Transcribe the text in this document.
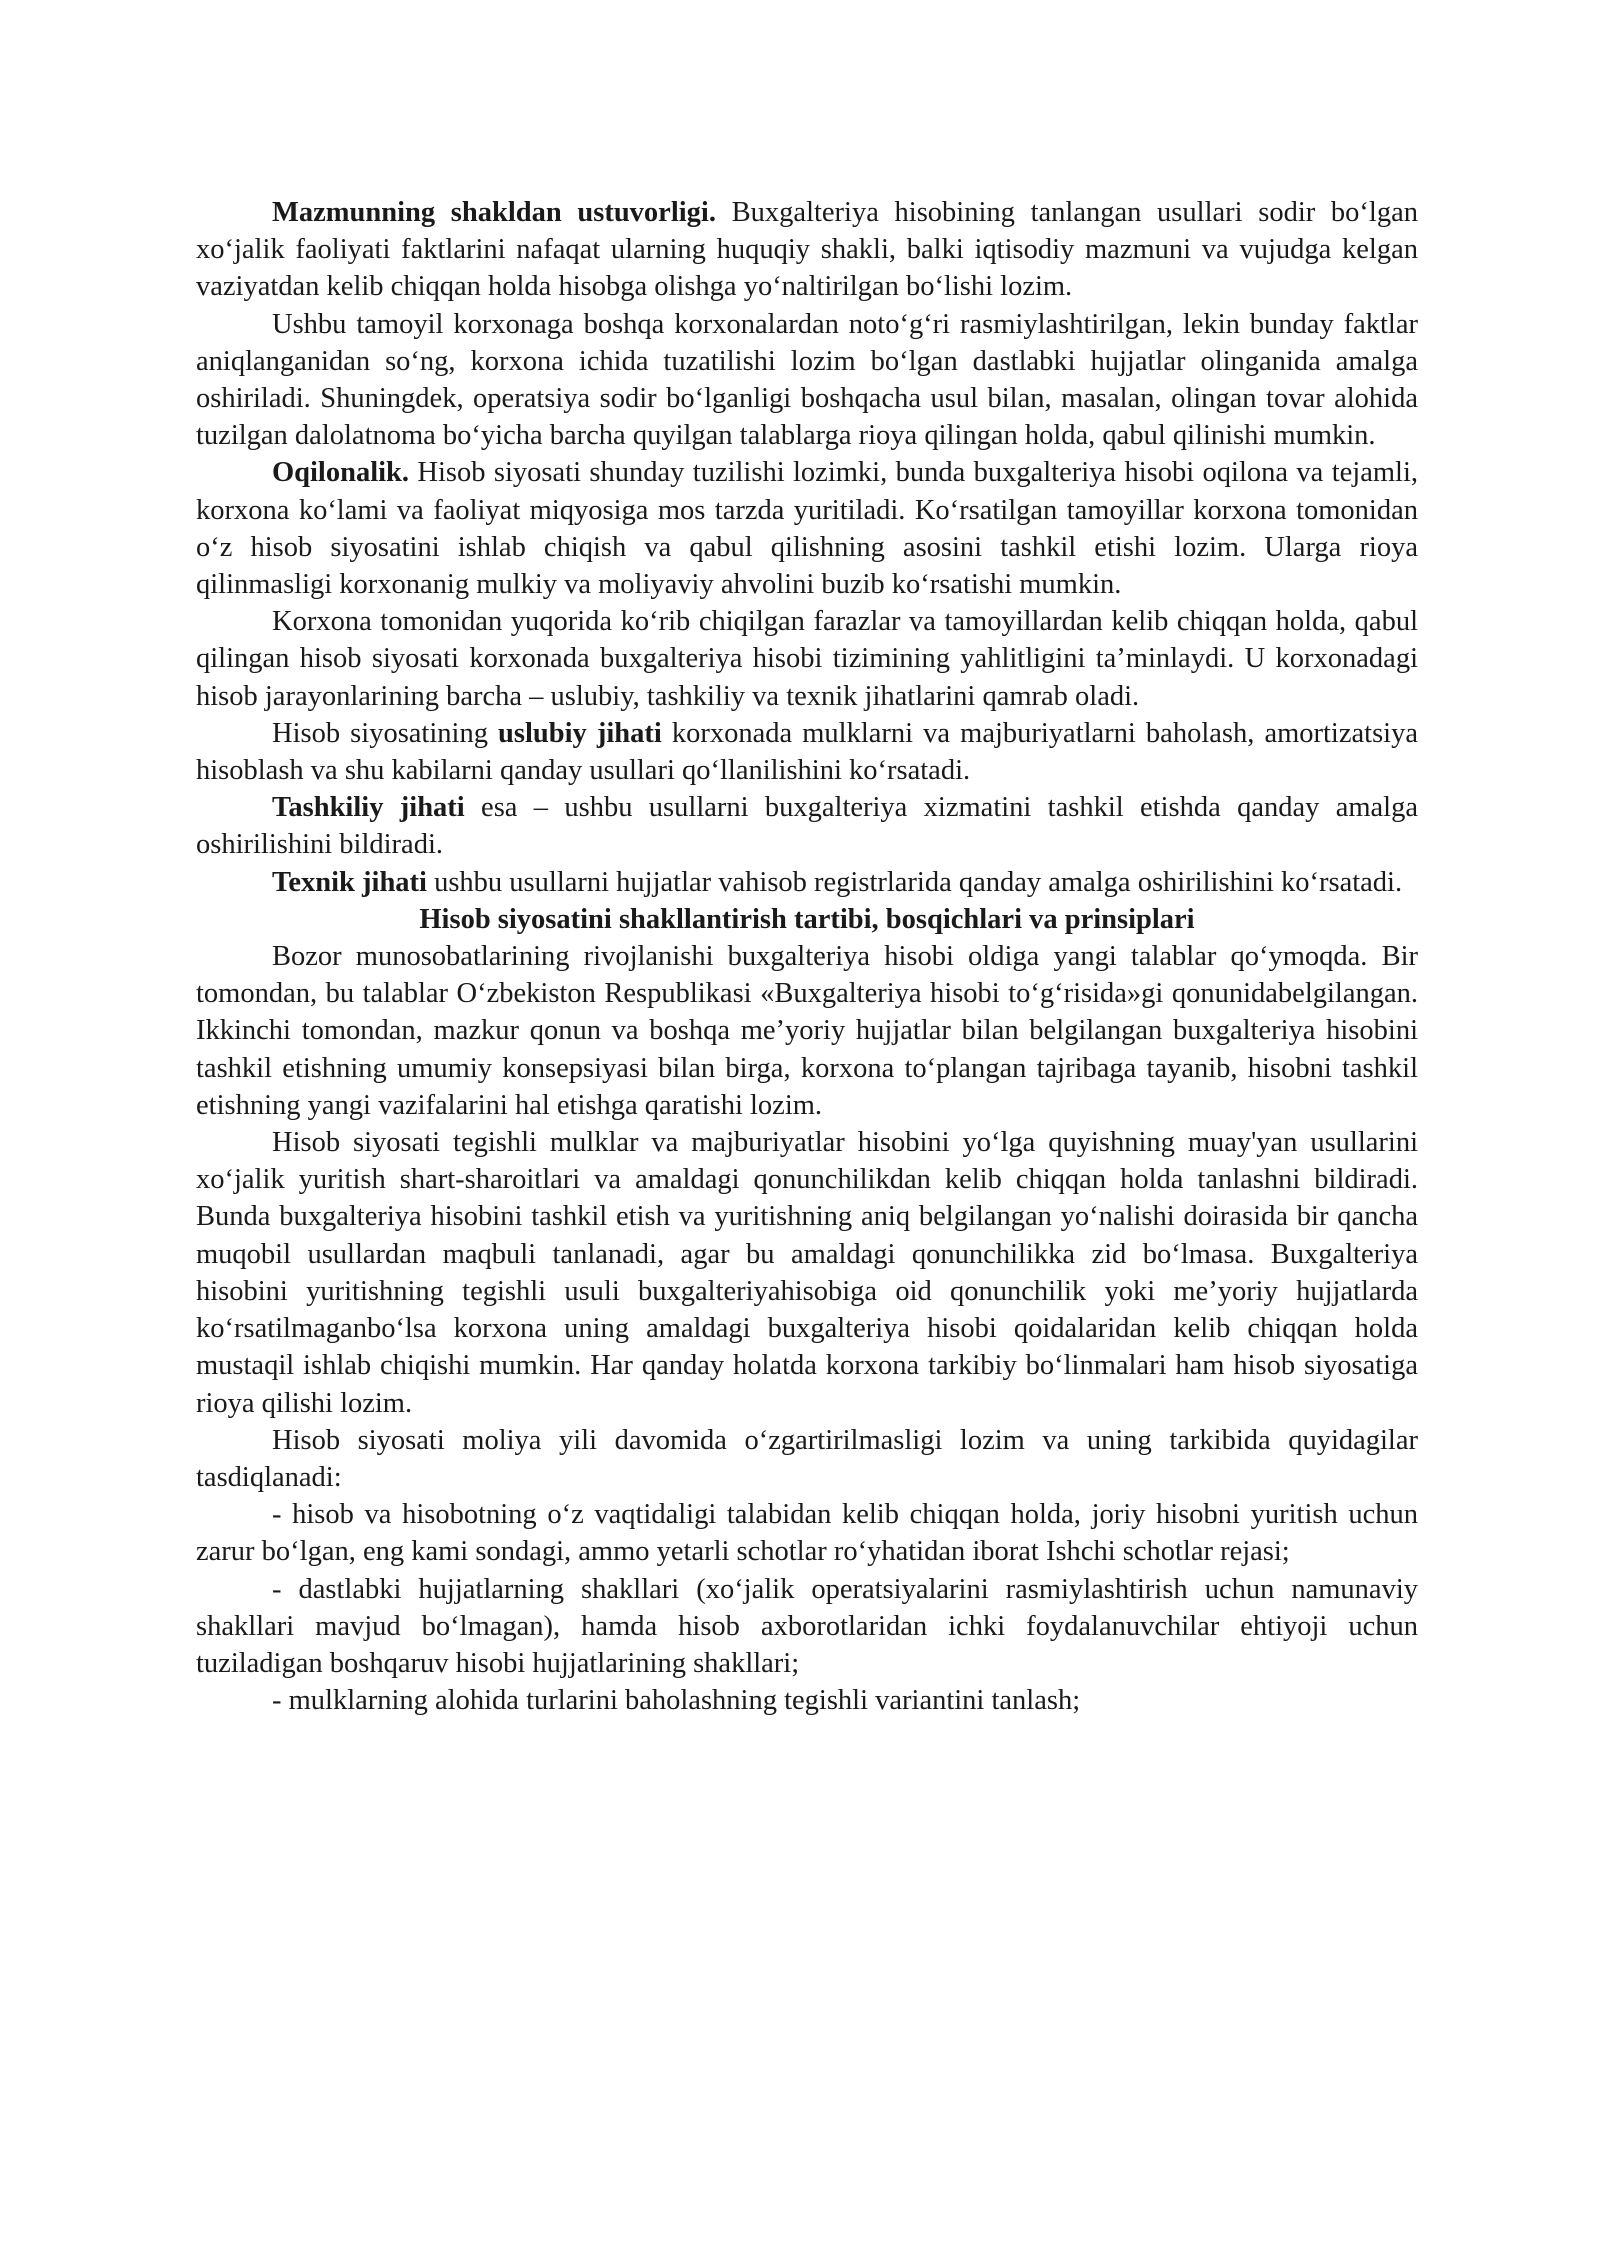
Mazmunning shakldan ustuvorligi. Buxgalteriya hisobining tanlangan usullari sodir bo‘lgan xo‘jalik faoliyati faktlarini nafaqat ularning huquqiy shakli, balki iqtisodiy mazmuni va vujudga kelgan vaziyatdan kelib chiqqan holda hisobga olishga yo‘naltirilgan bo‘lishi lozim.

Ushbu tamoyil korxonaga boshqa korxonalardan noto‘g‘ri rasmiylashtirilgan, lekin bunday faktlar aniqlanganidan so‘ng, korxona ichida tuzatilishi lozim bo‘lgan dastlabki hujjatlar olinganida amalga oshiriladi. Shuningdek, operatsiya sodir bo‘lganligi boshqacha usul bilan, masalan, olingan tovar alohida tuzilgan dalolatnoma bo‘yicha barcha quyilgan talablarga rioya qilingan holda, qabul qilinishi mumkin.

Oqilonalik. Hisob siyosati shunday tuzilishi lozimki, bunda buxgalteriya hisobi oqilona va tejamli, korxona ko‘lami va faoliyat miqyosiga mos tarzda yuritiladi. Ko‘rsatilgan tamoyillar korxona tomonidan o‘z hisob siyosatini ishlab chiqish va qabul qilishning asosini tashkil etishi lozim. Ularga rioya qilinmasligi korxonanig mulkiy va moliyaviy ahvolini buzib ko‘rsatishi mumkin.

Korxona tomonidan yuqorida ko‘rib chiqilgan farazlar va tamoyillardan kelib chiqqan holda, qabul qilingan hisob siyosati korxonada buxgalteriya hisobi tizimining yahlitligini ta’minlaydi. U korxonadagi hisob jarayonlarining barcha – uslubiy, tashkiliy va texnik jihatlarini qamrab oladi.

Hisob siyosatining uslubiy jihati korxonada mulklarni va majburiyatlarni baholash, amortizatsiya hisoblash va shu kabilarni qanday usullari qo‘llanilishini ko‘rsatadi.

Tashkiliy jihati esa – ushbu usullarni buxgalteriya xizmatini tashkil etishda qanday amalga oshirilishini bildiradi.

Texnik jihati ushbu usullarni hujjatlar vahisob registrlarida qanday amalga oshirilishini ko‘rsatadi.

Hisob siyosatini shakllantirish tartibi, bosqichlari va prinsiplari

Bozor munosobatlarining rivojlanishi buxgalteriya hisobi oldiga yangi talablar qo‘ymoqda. Bir tomondan, bu talablar O‘zbekiston Respublikasi «Buxgalteriya hisobi to‘g‘risida»gi qonunidabelgilangan. Ikkinchi tomondan, mazkur qonun va boshqa me’yoriy hujjatlar bilan belgilangan buxgalteriya hisobini tashkil etishning umumiy konsepsiyasi bilan birga, korxona to‘plangan tajribaga tayanib, hisobni tashkil etishning yangi vazifalarini hal etishga qaratishi lozim.

Hisob siyosati tegishli mulklar va majburiyatlar hisobini yo‘lga quyishning muay'yan usullarini xo‘jalik yuritish shart-sharoitlari va amaldagi qonunchilikdan kelib chiqqan holda tanlashni bildiradi. Bunda buxgalteriya hisobini tashkil etish va yuritishning aniq belgilangan yo‘nalishi doirasida bir qancha muqobil usullardan maqbuli tanlanadi, agar bu amaldagi qonunchilikka zid bo‘lmasa. Buxgalteriya hisobini yuritishning tegishli usuli buxgalteriyahisobiga oid qonunchilik yoki me’yoriy hujjatlarda ko‘rsatilmaganbo‘lsa korxona uning amaldagi buxgalteriya hisobi qoidalaridan kelib chiqqan holda mustaqil ishlab chiqishi mumkin. Har qanday holatda korxona tarkibiy bo‘linmalari ham hisob siyosatiga rioya qilishi lozim.

Hisob siyosati moliya yili davomida o‘zgartirilmasligi lozim va uning tarkibida quyidagilar tasdiqlanadi:

- hisob va hisobotning o‘z vaqtidaligi talabidan kelib chiqqan holda, joriy hisobni yuritish uchun zarur bo‘lgan, eng kami sondagi, ammo yetarli schotlar ro‘yhatidan iborat Ishchi schotlar rejasi;

- dastlabki hujjatlarning shakllari (xo‘jalik operatsiyalarini rasmiylashtirish uchun namunaviy shakllari mavjud bo‘lmagan), hamda hisob axborotlaridan ichki foydalanuvchilar ehtiyoji uchun tuziladigan boshqaruv hisobi hujjatlarining shakllari;

- mulklarning alohida turlarini baholashning tegishli variantini tanlash;
